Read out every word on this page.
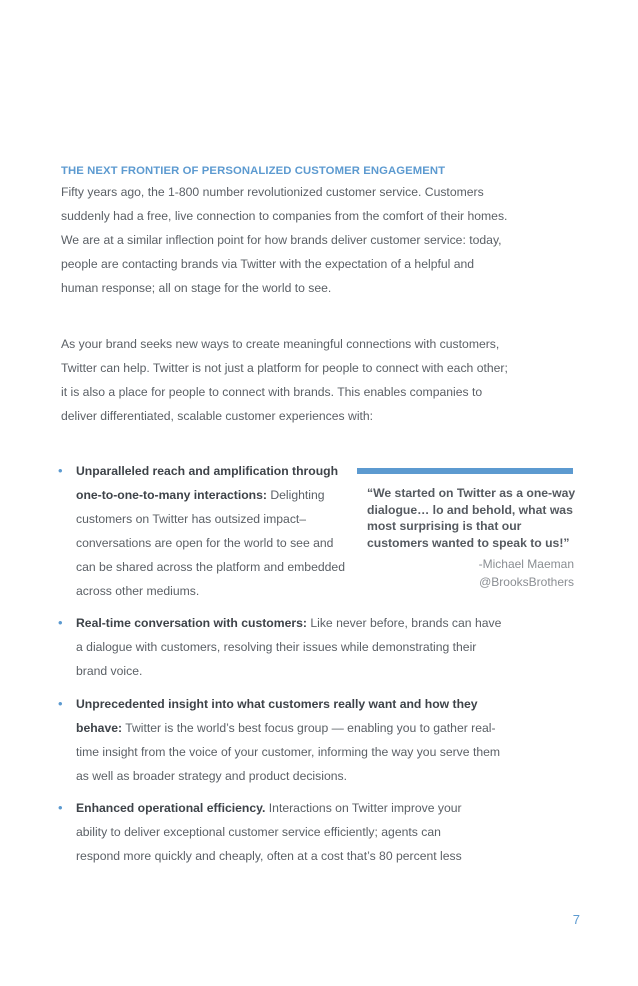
THE NEXT FRONTIER OF PERSONALIZED CUSTOMER ENGAGEMENT

Fifty years ago, the 1-800 number revolutionized customer service. Customers suddenly had a free, live connection to companies from the comfort of their homes. We are at a similar inflection point for how brands deliver customer service: today, people are contacting brands via Twitter with the expectation of a helpful and human response; all on stage for the world to see.

As your brand seeks new ways to create meaningful connections with customers, Twitter can help. Twitter is not just a platform for people to connect with each other; it is also a place for people to connect with brands. This enables companies to deliver differentiated, scalable customer experiences with:

• Unparalleled reach and amplification through one-to-one-to-many interactions: Delighting customers on Twitter has outsized impact–conversations are open for the world to see and can be shared across the platform and embedded across other mediums.

“We started on Twitter as a one-way dialogue… lo and behold, what was most surprising is that our customers wanted to speak to us!”

-Michael Maeman
@BrooksBrothers
• Real-time conversation with customers: Like never before, brands can have a dialogue with customers, resolving their issues while demonstrating their brand voice.

• Unprecedented insight into what customers really want and how they behave: Twitter is the world’s best focus group — enabling you to gather real-time insight from the voice of your customer, informing the way you serve them as well as broader strategy and product decisions.

• Enhanced operational efficiency. Interactions on Twitter improve your ability to deliver exceptional customer service efficiently; agents can respond more quickly and cheaply, often at a cost that’s 80 percent less

7
